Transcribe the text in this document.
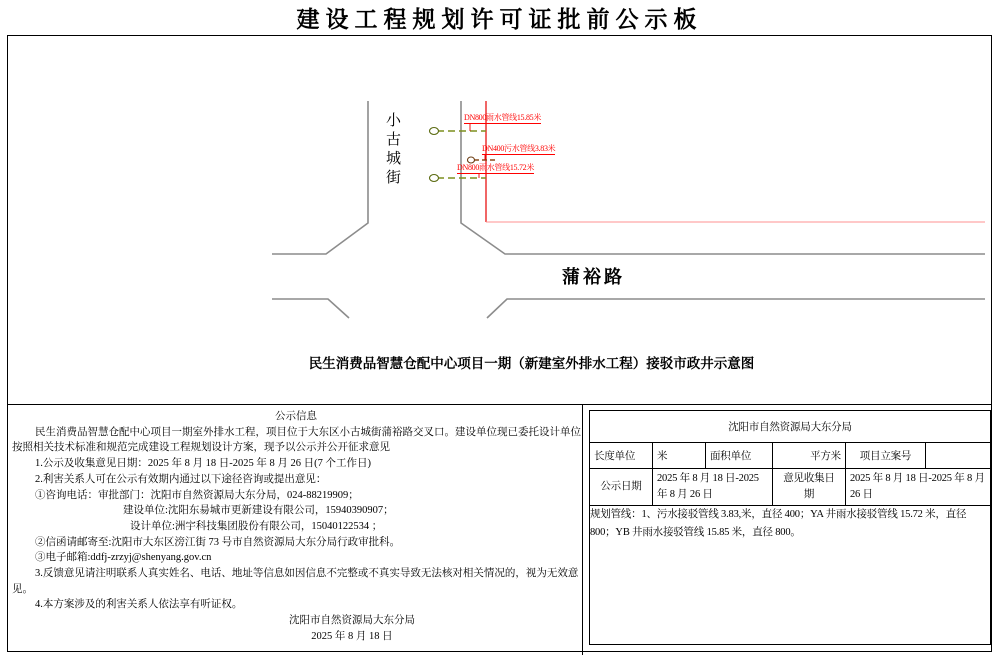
建设工程规划许可证批前公示板
小古城街
蒲裕路
DN800雨水管线15.85米
DN400污水管线3.83米
DN800雨水管线15.72米
民生消费品智慧仓配中心项目一期（新建室外排水工程）接驳市政井示意图
公示信息
民生消费品智慧仓配中心项目一期室外排水工程，项目位于大东区小古城街蒲裕路交叉口。建设单位现已委托设计单位
按照相关技术标准和规范完成建设工程规划设计方案，现予以公示并公开征求意见
1.公示及收集意见日期：2025 年 8 月 18 日-2025 年 8 月 26 日(7 个工作日)
2.利害关系人可在公示有效期内通过以下途径咨询或提出意见：
①咨询电话：审批部门：沈阳市自然资源局大东分局，024-88219909；
建设单位:沈阳东昜城市更新建设有限公司，15940390907；
设计单位:洲宇科技集团股份有限公司，15040122534 ；
②信函请邮寄至:沈阳市大东区滂江街 73 号市自然资源局大东分局行政审批科。
③电子邮箱:ddfj-zrzyj@shenyang.gov.cn
3.反馈意见请注明联系人真实姓名、电话、地址等信息如因信息不完整或不真实导致无法核对相关情况的，视为无效意
见。
4.本方案涉及的利害关系人依法享有听证权。
沈阳市自然资源局大东分局
2025 年 8 月 18 日
沈阳市自然资源局大东分局					
长度单位	米	面积单位	平方米	项目立案号	
公示日期	2025 年 8 月 18 日-2025 年 8 月 26 日		意见收集日期	2025 年 8 月 18 日-2025 年 8 月 26 日	
规划管线：1、污水接驳管线 3.83,米，直径 400；YA 井雨水接驳管线 15.72 米，直径 800；YB 井雨水接驳管线 15.85 米，直径 800。					
